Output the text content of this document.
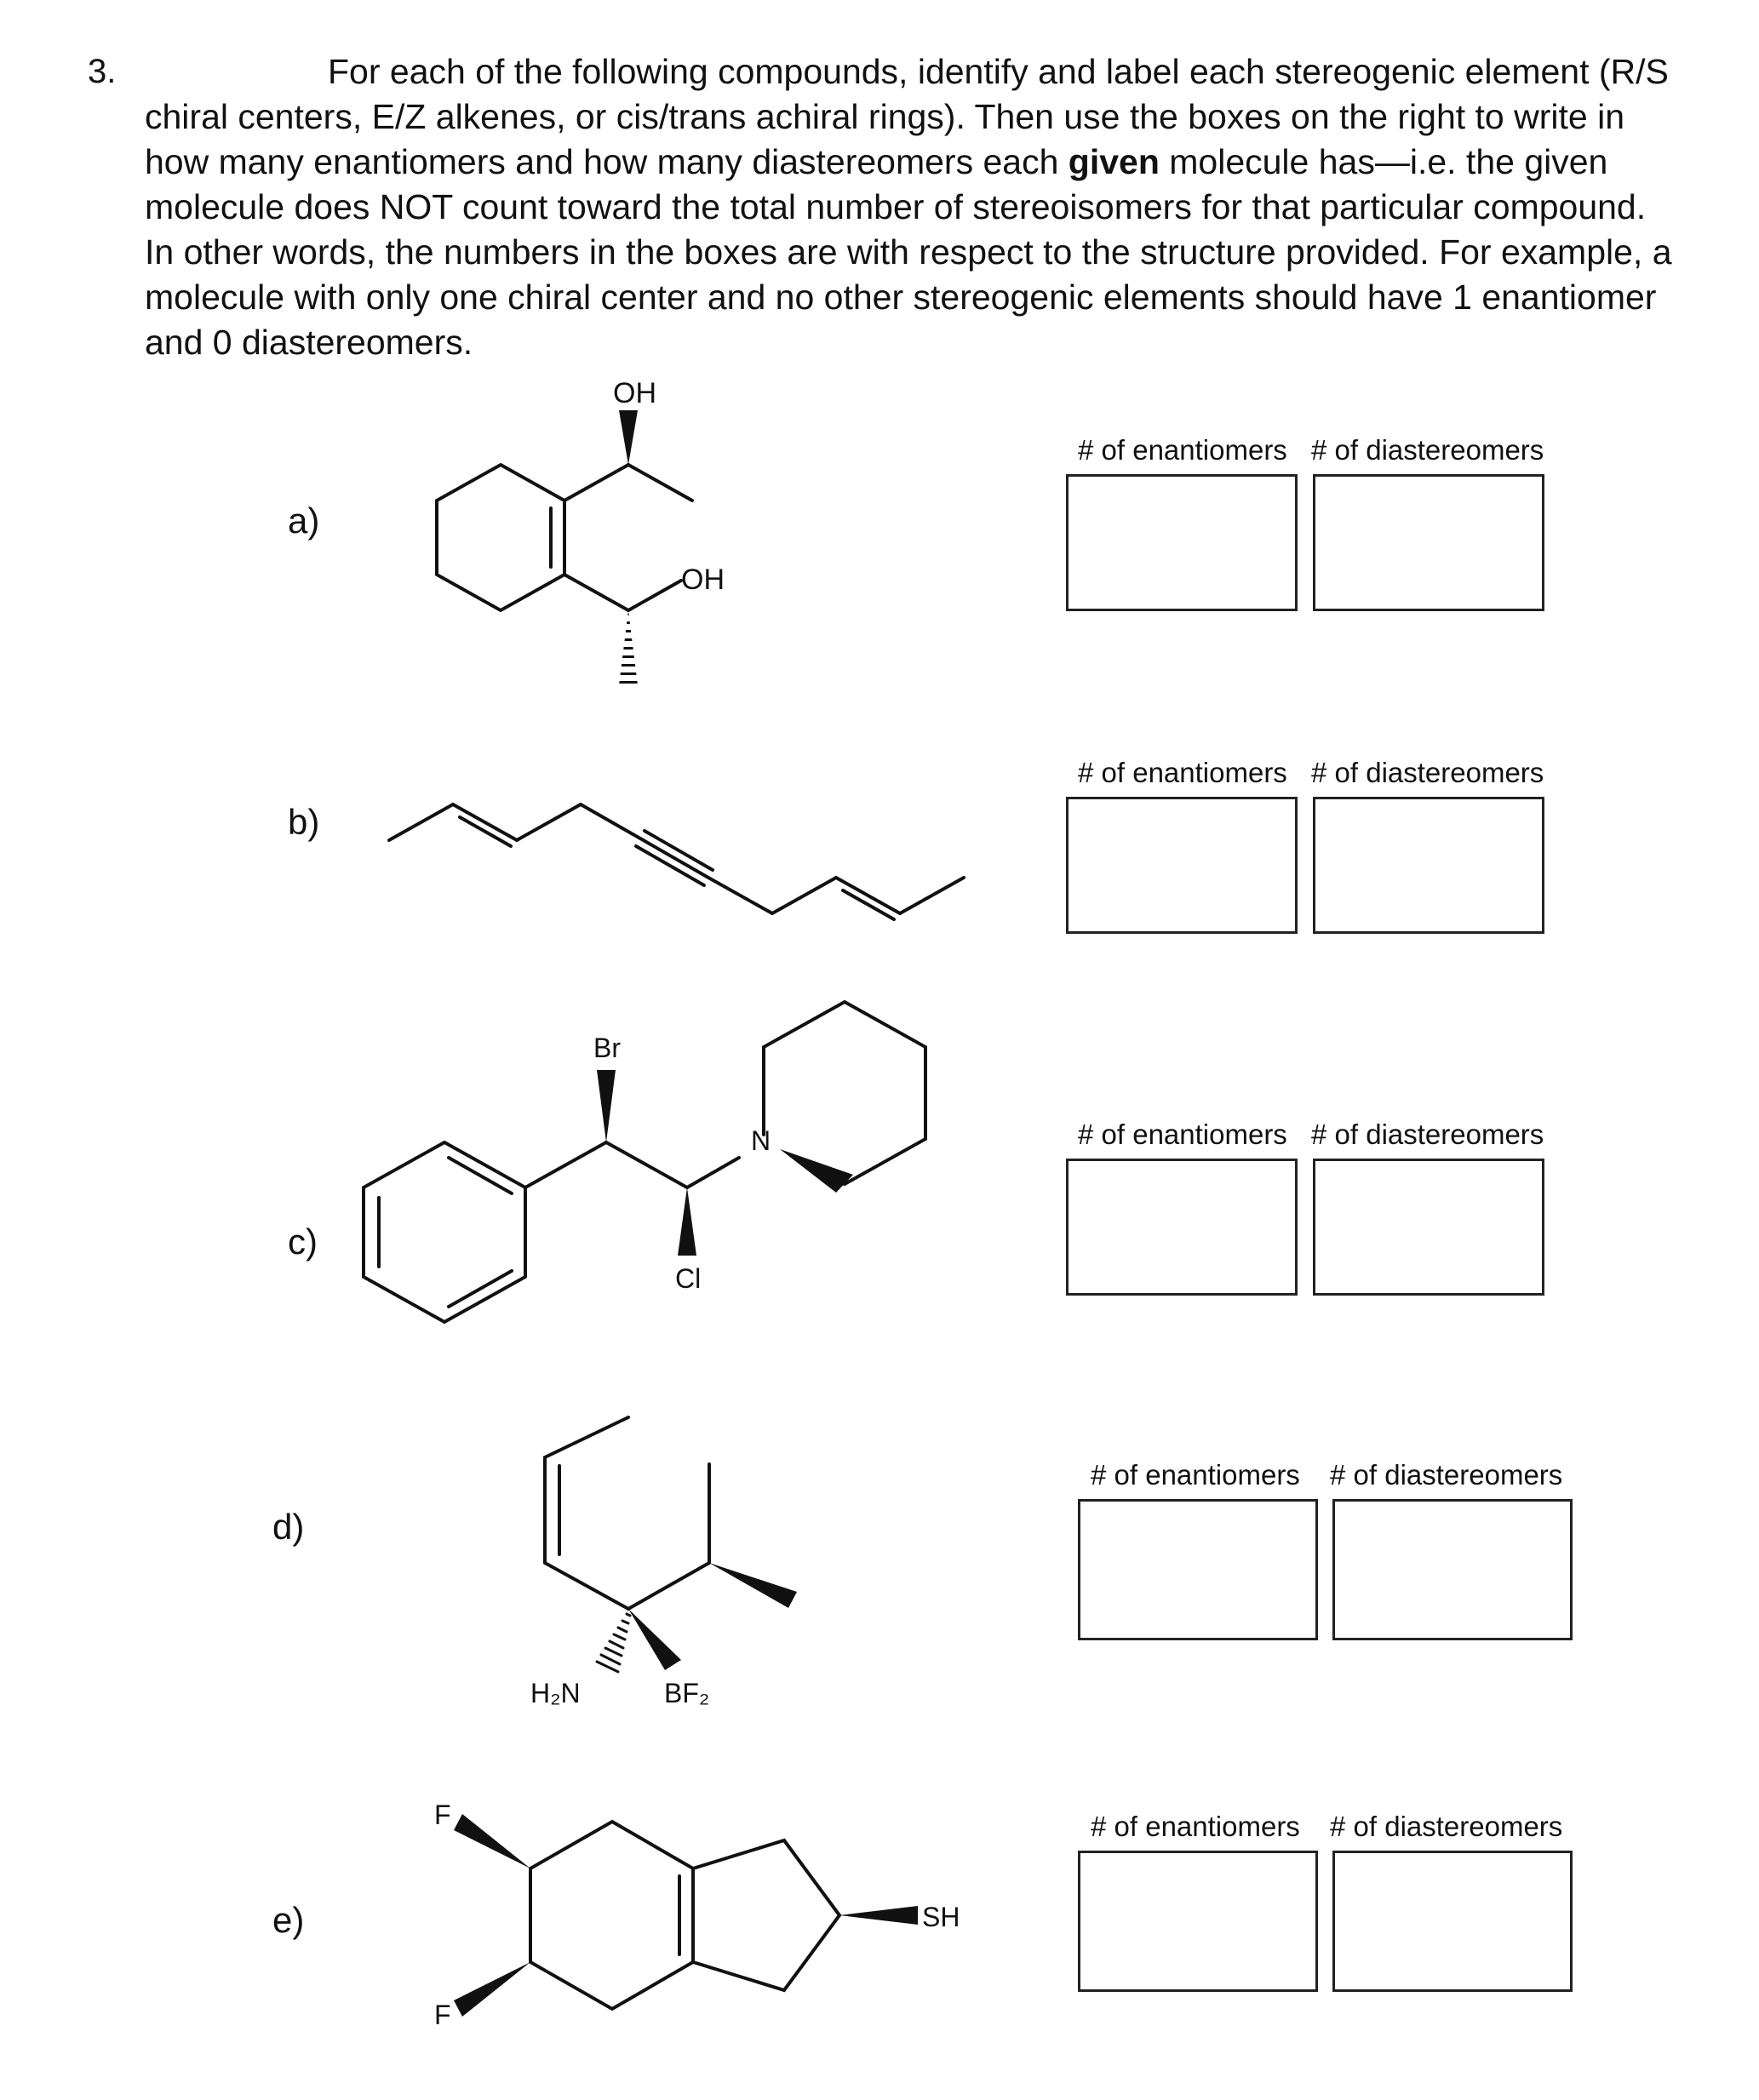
3.	For each of the following compounds, identify and label each stereogenic element (R/S chiral centers, E/Z alkenes, or cis/trans achiral rings). Then use the boxes on the right to write in how many enantiomers and how many diastereomers each given molecule has—i.e. the given molecule does NOT count toward the total number of stereoisomers for that particular compound. In other words, the numbers in the boxes are with respect to the structure provided. For example, a molecule with only one chiral center and no other stereogenic elements should have 1 enantiomer and 0 diastereomers.

a)
b)
c)
d)
e)
OH
OH
Br
N
Cl
H₂N	BF₂
F
F
SH
# of enantiomers # of diastereomers
# of enantiomers # of diastereomers
# of enantiomers # of diastereomers
# of enantiomers # of diastereomers
# of enantiomers # of diastereomers
